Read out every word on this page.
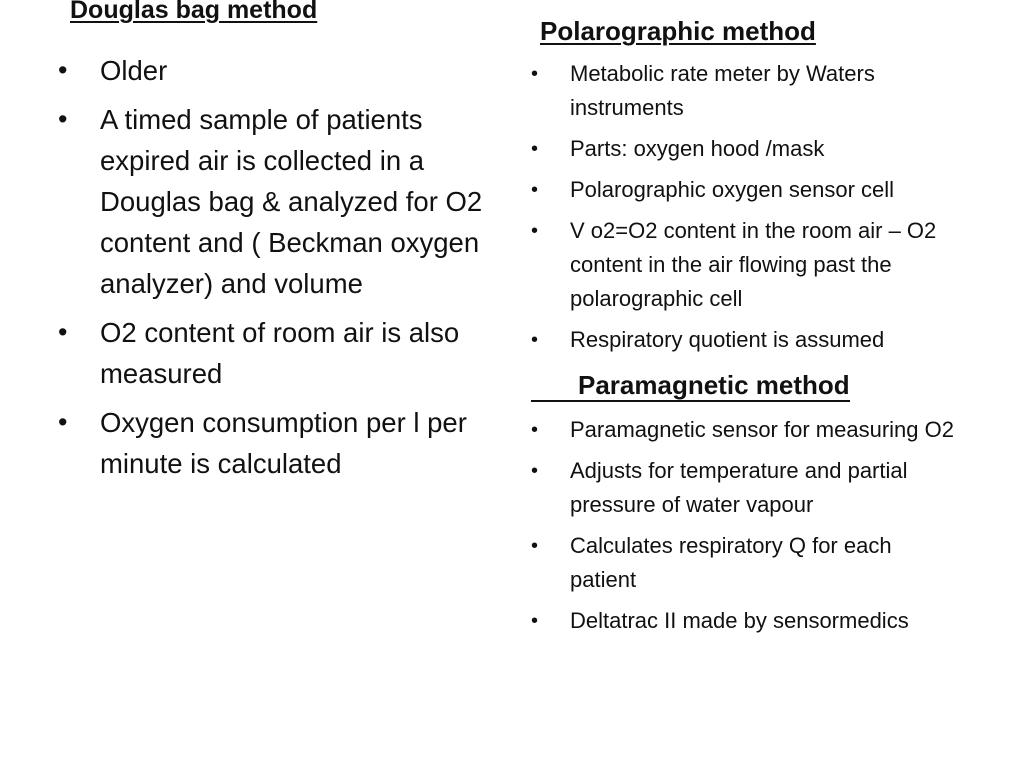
Douglas bag method
• Older
• A timed sample of patients expired air is collected in a Douglas bag & analyzed for O2 content and ( Beckman oxygen analyzer) and volume
• O2 content of room air is also measured
• Oxygen consumption per l per minute is calculated
Polarographic method
• Metabolic rate meter by Waters instruments
• Parts: oxygen hood /mask
• Polarographic oxygen sensor cell
• V o2=O2 content in the room air – O2 content in the air flowing past the polarographic cell
• Respiratory quotient is assumed
Paramagnetic method
• Paramagnetic sensor for measuring O2
• Adjusts for temperature and partial pressure of water vapour
• Calculates respiratory Q for each patient
• Deltatrac II made by sensormedics
